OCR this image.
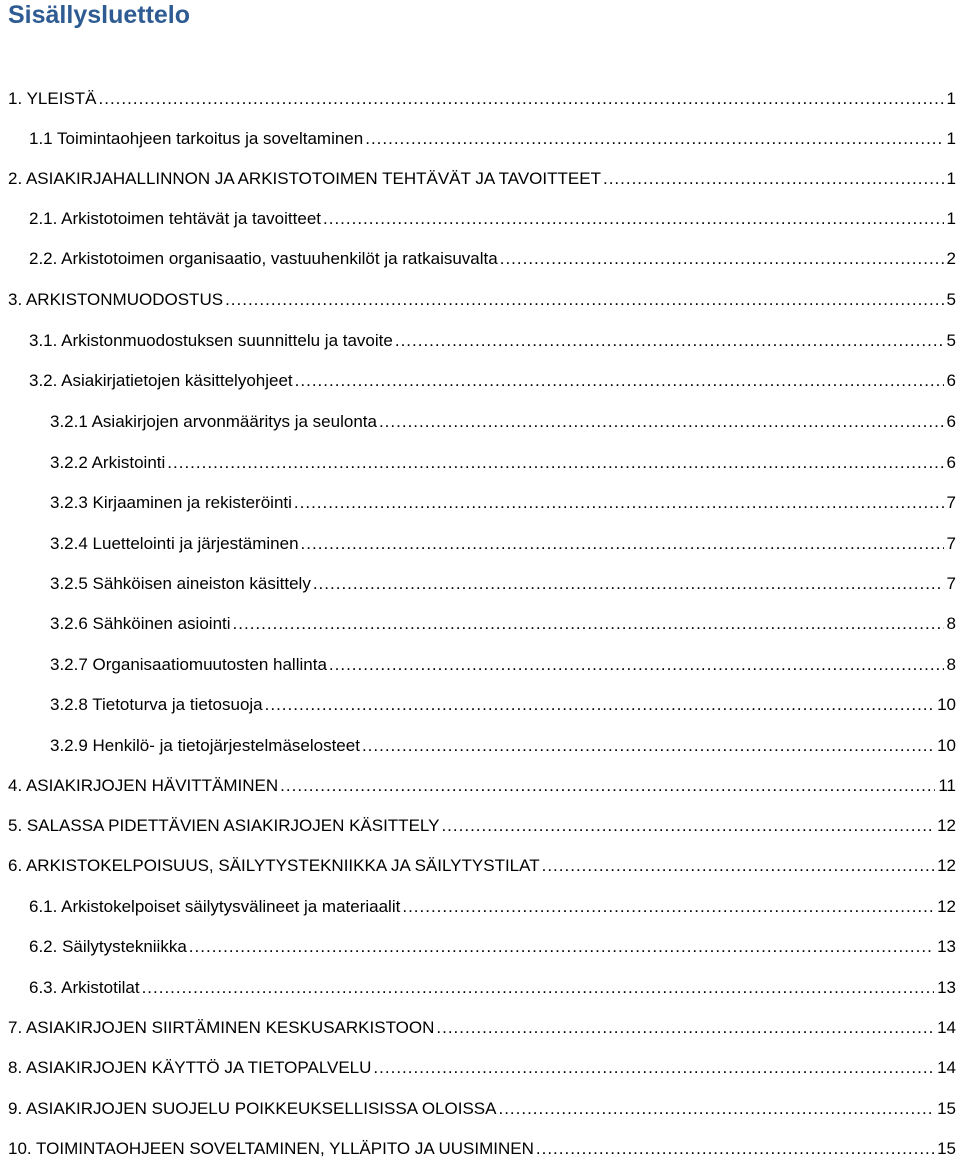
Sisällysluettelo
1. YLEISTÄ .....	1
1.1 Toimintaohjeen tarkoitus ja soveltaminen .....	1
2. ASIAKIRJAHALLINNON JA ARKISTOTOIMEN TEHTÄVÄT JA TAVOITTEET .....	1
2.1. Arkistotoimen tehtävät ja tavoitteet .....	1
2.2. Arkistotoimen organisaatio, vastuuhenkilöt ja ratkaisuvalta .....	2
3. ARKISTONMUODOSTUS .....	5
3.1. Arkistonmuodostuksen suunnittelu ja tavoite .....	5
3.2. Asiakirjatietojen käsittelyohjeet .....	6
3.2.1 Asiakirjojen arvonmääritys ja seulonta .....	6
3.2.2 Arkistointi .....	6
3.2.3 Kirjaaminen ja rekisteröinti .....	7
3.2.4 Luettelointi ja järjestäminen .....	7
3.2.5 Sähköisen aineiston käsittely .....	7
3.2.6 Sähköinen asiointi .....	8
3.2.7 Organisaatiomuutosten hallinta .....	8
3.2.8 Tietoturva ja tietosuoja .....	10
3.2.9 Henkilö- ja tietojärjestelmäselosteet .....	10
4. ASIAKIRJOJEN HÄVITTÄMINEN .....	11
5. SALASSA PIDETTÄVIEN ASIAKIRJOJEN KÄSITTELY .....	12
6. ARKISTOKELPOISUUS, SÄILYTYSTEKNIIKKA JA SÄILYTYSTILAT .....	12
6.1. Arkistokelpoiset säilytysvälineet ja materiaalit .....	12
6.2. Säilytystekniikka .....	13
6.3. Arkistotilat .....	13
7. ASIAKIRJOJEN SIIRTÄMINEN KESKUSARKISTOON .....	14
8. ASIAKIRJOJEN KÄYTTÖ JA TIETOPALVELU .....	14
9. ASIAKIRJOJEN SUOJELU POIKKEUKSELLISISSA OLOISSA .....	15
10. TOIMINTAOHJEEN SOVELTAMINEN, YLLÄPITO JA UUSIMINEN .....	15
